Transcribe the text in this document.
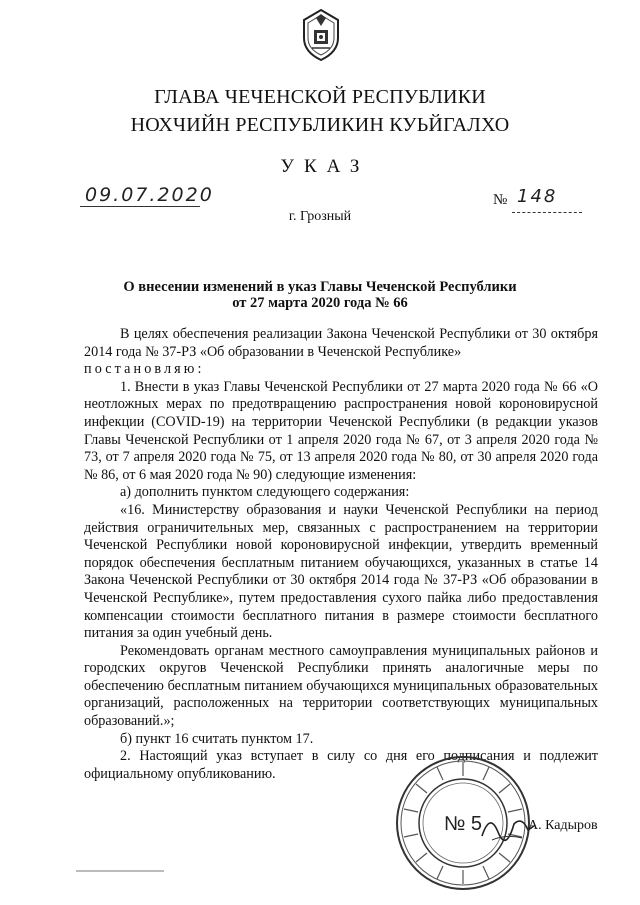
ГЛАВА ЧЕЧЕНСКОЙ РЕСПУБЛИКИ
НОХЧИЙН РЕСПУБЛИКИН КУЬЙГАЛХО
УКАЗ
09.07.2020	№ 148
г. Грозный
О внесении изменений в указ Главы Чеченской Республики
от 27 марта 2020 года № 66

В целях обеспечения реализации Закона Чеченской Республики от 30 октября 2014 года № 37-РЗ «Об образовании в Чеченской Республике»
постановляю:

1. Внести в указ Главы Чеченской Республики от 27 марта 2020 года № 66 «О неотложных мерах по предотвращению распространения новой короновирусной инфекции (COVID-19) на территории Чеченской Республики (в редакции указов Главы Чеченской Республики от 1 апреля 2020 года № 67, от 3 апреля 2020 года № 73, от 7 апреля 2020 года № 75, от 13 апреля 2020 года № 80, от 30 апреля 2020 года № 86, от 6 мая 2020 года № 90) следующие изменения:

а) дополнить пунктом следующего содержания:

«16. Министерству образования и науки Чеченской Республики на период действия ограничительных мер, связанных с распространением на территории Чеченской Республики новой короновирусной инфекции, утвердить временный порядок обеспечения бесплатным питанием обучающихся, указанных в статье 14 Закона Чеченской Республики от 30 октября 2014 года № 37-РЗ «Об образовании в Чеченской Республике», путем предоставления сухого пайка либо предоставления компенсации стоимости бесплатного питания в размере стоимости бесплатного питания за один учебный день.

Рекомендовать органам местного самоуправления муниципальных районов и городских округов Чеченской Республики принять аналогичные меры по обеспечению бесплатным питанием обучающихся муниципальных образовательных организаций, расположенных на территории соответствующих муниципальных образований.»;

б) пункт 16 считать пунктом 17.

2. Настоящий указ вступает в силу со дня его подписания и подлежит официальному опубликованию.

№ 5	А. Кадыров
